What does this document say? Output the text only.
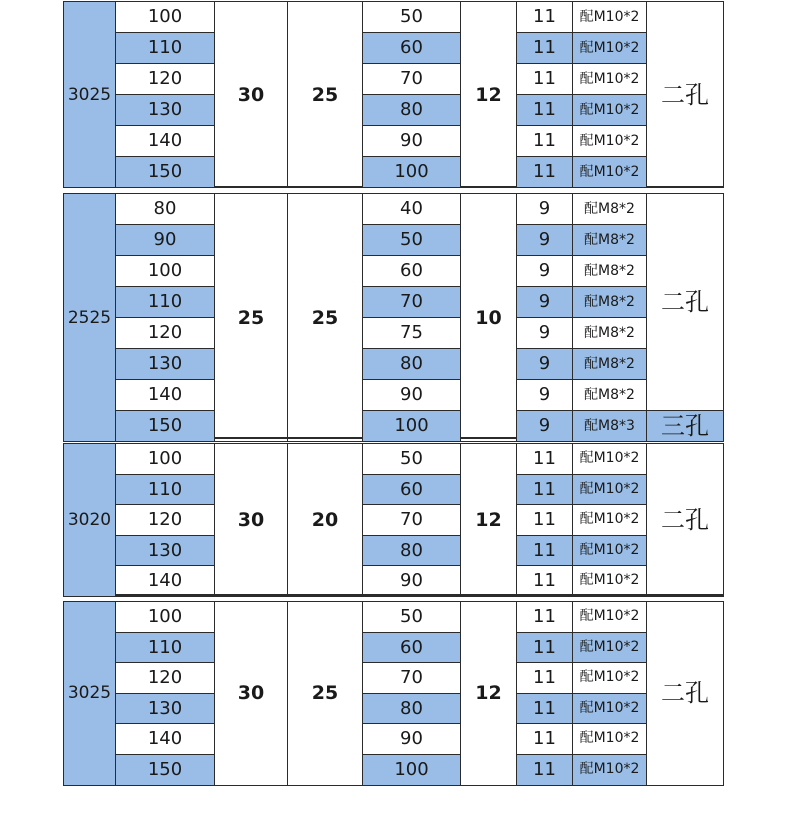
3025	100	30	25	50	12	11	配M10*2	二孔
	110			60		11	配M10*2	
	120			70		11	配M10*2	
	130			80		11	配M10*2	
	140			90		11	配M10*2	
	150			100		11	配M10*2	
2525	80	25	25	40	10	9	配M8*2	二孔
	90			50		9	配M8*2	
	100			60		9	配M8*2	
	110			70		9	配M8*2	
	120			75		9	配M8*2	
	130			80		9	配M8*2	
	140			90		9	配M8*2	
	150			100		9	配M8*3	三孔
3020	100	30	20	50	12	11	配M10*2	二孔
	110			60		11	配M10*2	
	120			70		11	配M10*2	
	130			80		11	配M10*2	
	140			90		11	配M10*2	
3025	100	30	25	50	12	11	配M10*2	二孔
	110			60		11	配M10*2	
	120			70		11	配M10*2	
	130			80		11	配M10*2	
	140			90		11	配M10*2	
	150			100		11	配M10*2	
